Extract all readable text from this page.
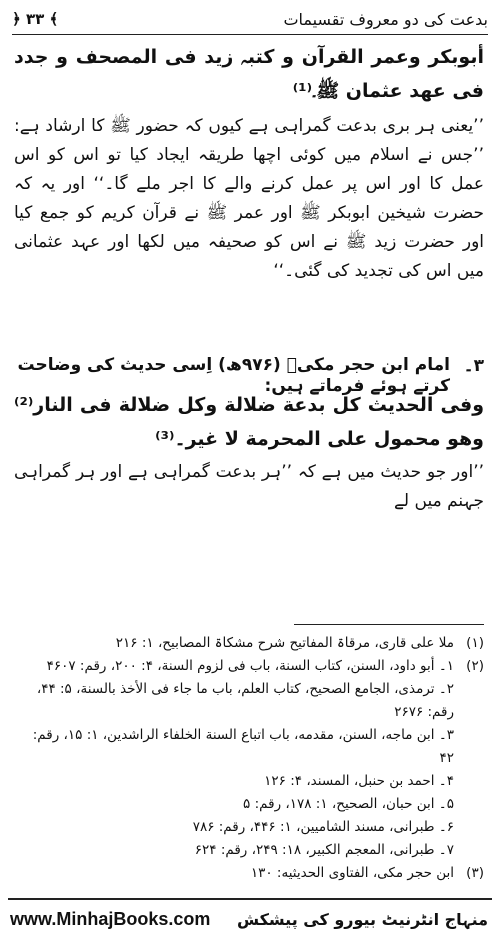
﴿ ۳۳ ﴾	بدعت کی دو معروف تقسیمات
أبوبکر وعمر القرآن و کتبہ زید فی المصحف و جدد فی عهد عثمان ﷺ۔⁽¹⁾
’’یعنی ہر بری بدعت گمراہی ہے کیوں کہ حضور ﷺ کا ارشاد ہے: ’’جس نے اسلام میں کوئی اچھا طریقہ ایجاد کیا تو اس کو اس عمل کا اور اس پر عمل کرنے والے کا اجر ملے گا۔‘‘ اور یہ کہ حضرت شیخین ابوبکر ﷺ اور عمر ﷺ نے قرآن کریم کو جمع کیا اور حضرت زید ﷺ نے اس کو صحیفہ میں لکھا اور عہد عثمانی میں اس کی تجدید کی گئی۔‘‘
۳۔
امام ابن حجر مکیؒ (۹۷۶ھ) اِسی حدیث کی وضاحت کرتے ہوئے فرماتے ہیں:
وفی الحدیث کل بدعة ضلالة وکل ضلالة فی النار⁽²⁾ وهو محمول علی المحرمة لا غیر۔⁽³⁾
’’اور جو حدیث میں ہے کہ ’’ہر بدعت گمراہی ہے اور ہر گمراہی جہنم میں لے
(۱)
ملا علی قاری، مرقاۃ المفاتیح شرح مشکاۃ المصابیح، ۱: ۲۱۶
(۲)
۱۔ أبو داود، السنن، کتاب السنة، باب فی لزوم السنة، ۴: ۲۰۰، رقم: ۴۶۰۷
۲۔ ترمذی، الجامع الصحیح، کتاب العلم، باب ما جاء فی الأخذ بالسنة، ۵: ۴۴، رقم: ۲۶۷۶
۳۔ ابن ماجه، السنن، مقدمه، باب اتباع السنة الخلفاء الراشدین، ۱: ۱۵، رقم: ۴۲
۴۔ احمد بن حنبل، المسند، ۴: ۱۲۶
۵۔ ابن حبان، الصحیح، ۱: ۱۷۸، رقم: ۵
۶۔ طبرانی، مسند الشامیین، ۱: ۴۴۶، رقم: ۷۸۶
۷۔ طبرانی، المعجم الکبیر، ۱۸: ۲۴۹، رقم: ۶۲۴
(۳)
ابن حجر مکی، الفتاوی الحدیثیه: ۱۳۰
www.MinhajBooks.com منہاج انٹرنیٹ بیورو کی پیشکش
